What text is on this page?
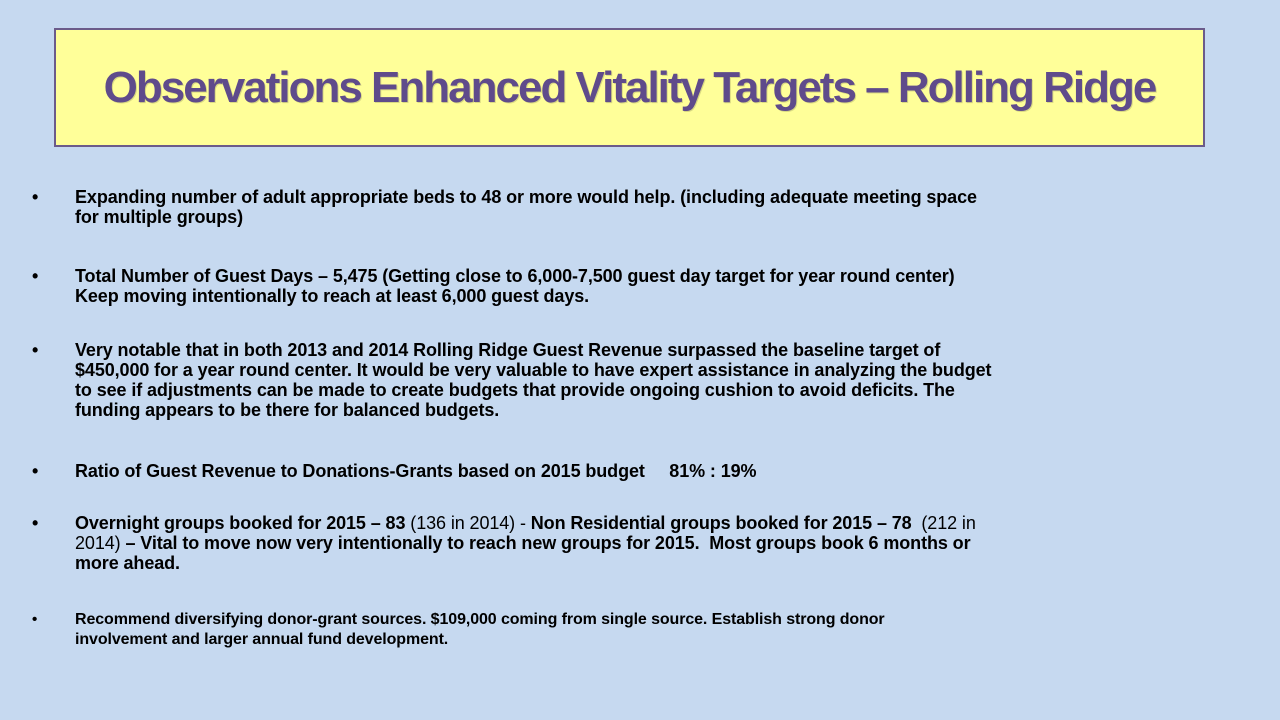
Observations Enhanced Vitality Targets – Rolling Ridge
• Expanding number of adult appropriate beds to 48 or more would help. (including adequate meeting space
for multiple groups)
• Total Number of Guest Days – 5,475 (Getting close to 6,000-7,500 guest day target for year round center)
Keep moving intentionally to reach at least 6,000 guest days.
• Very notable that in both 2013 and 2014 Rolling Ridge Guest Revenue surpassed the baseline target of
$450,000 for a year round center. It would be very valuable to have expert assistance in analyzing the budget
to see if adjustments can be made to create budgets that provide ongoing cushion to avoid deficits. The
funding appears to be there for balanced budgets.
• Ratio of Guest Revenue to Donations-Grants based on 2015 budget     81% : 19%
• Overnight groups booked for 2015 – 83 (136 in 2014) - Non Residential groups booked for 2015 – 78  (212 in
2014) – Vital to move now very intentionally to reach new groups for 2015.  Most groups book 6 months or
more ahead.
• Recommend diversifying donor-grant sources. $109,000 coming from single source. Establish strong donor
involvement and larger annual fund development.
